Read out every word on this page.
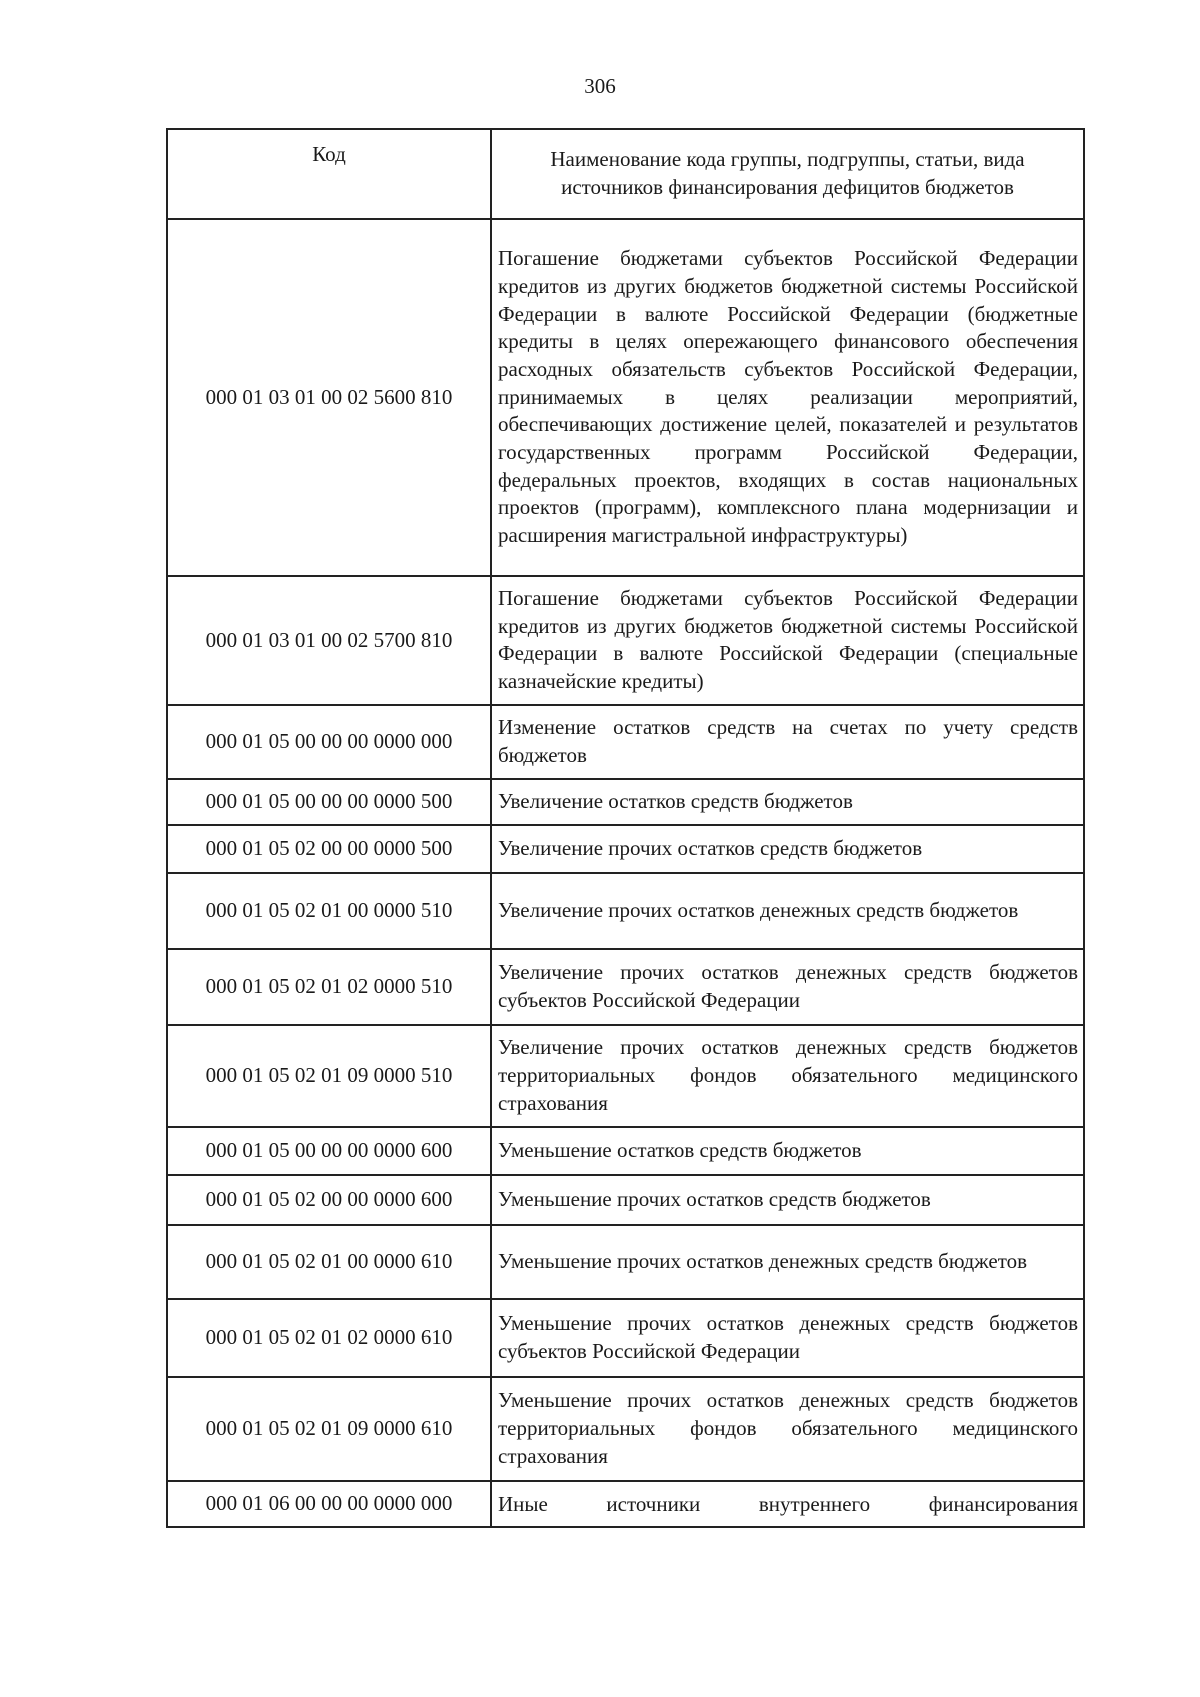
306
Код	Наименование кода группы, подгруппы, статьи, вида источников финансирования дефицитов бюджетов
000 01 03 01 00 02 5600 810	Погашение бюджетами субъектов Российской Федерации кредитов из других бюджетов бюджетной системы Российской Федерации в валюте Российской Федерации (бюджетные кредиты в целях опережающего финансового обеспечения расходных обязательств субъектов Российской Федерации, принимаемых в целях реализации мероприятий, обеспечивающих достижение целей, показателей и результатов государственных программ Российской Федерации, федеральных проектов, входящих в состав национальных проектов (программ), комплексного плана модернизации и расширения магистральной инфраструктуры)
000 01 03 01 00 02 5700 810	Погашение бюджетами субъектов Российской Федерации кредитов из других бюджетов бюджетной системы Российской Федерации в валюте Российской Федерации (специальные казначейские кредиты)
000 01 05 00 00 00 0000 000	Изменение остатков средств на счетах по учету средств бюджетов
000 01 05 00 00 00 0000 500	Увеличение остатков средств бюджетов
000 01 05 02 00 00 0000 500	Увеличение прочих остатков средств бюджетов
000 01 05 02 01 00 0000 510	Увеличение прочих остатков денежных средств бюджетов
000 01 05 02 01 02 0000 510	Увеличение прочих остатков денежных средств бюджетов субъектов Российской Федерации
000 01 05 02 01 09 0000 510	Увеличение прочих остатков денежных средств бюджетов территориальных фондов обязательного медицинского страхования
000 01 05 00 00 00 0000 600	Уменьшение остатков средств бюджетов
000 01 05 02 00 00 0000 600	Уменьшение прочих остатков средств бюджетов
000 01 05 02 01 00 0000 610	Уменьшение прочих остатков денежных средств бюджетов
000 01 05 02 01 02 0000 610	Уменьшение прочих остатков денежных средств бюджетов субъектов Российской Федерации
000 01 05 02 01 09 0000 610	Уменьшение прочих остатков денежных средств бюджетов территориальных фондов обязательного медицинского страхования
000 01 06 00 00 00 0000 000	Иные источники внутреннего финансирования
